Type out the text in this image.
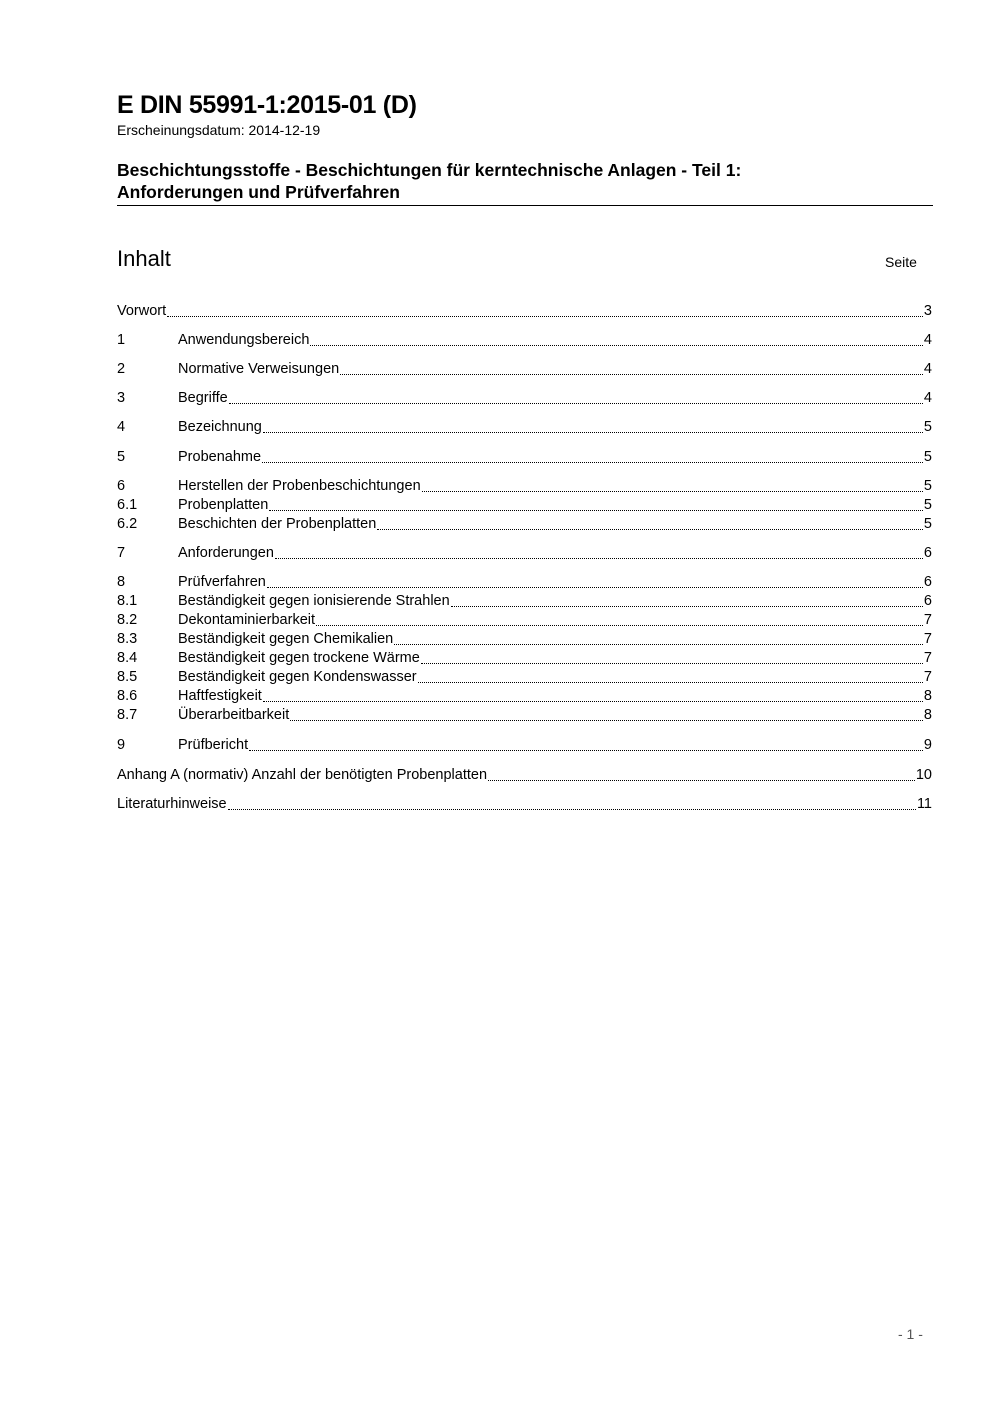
E DIN 55991-1:2015-01 (D)
Erscheinungsdatum: 2014-12-19
Beschichtungsstoffe - Beschichtungen für kerntechnische Anlagen - Teil 1:
Anforderungen und Prüfverfahren
Inhalt	Seite
Vorwort	3
1	Anwendungsbereich	4
2	Normative Verweisungen	4
3	Begriffe	4
4	Bezeichnung	5
5	Probenahme	5
6	Herstellen der Probenbeschichtungen	5
6.1	Probenplatten	5
6.2	Beschichten der Probenplatten	5
7	Anforderungen	6
8	Prüfverfahren	6
8.1	Beständigkeit gegen ionisierende Strahlen	6
8.2	Dekontaminierbarkeit	7
8.3	Beständigkeit gegen Chemikalien	7
8.4	Beständigkeit gegen trockene Wärme	7
8.5	Beständigkeit gegen Kondenswasser	7
8.6	Haftfestigkeit	8
8.7	Überarbeitbarkeit	8
9	Prüfbericht	9
Anhang A (normativ) Anzahl der benötigten Probenplatten	10
Literaturhinweise	11
- 1 -
